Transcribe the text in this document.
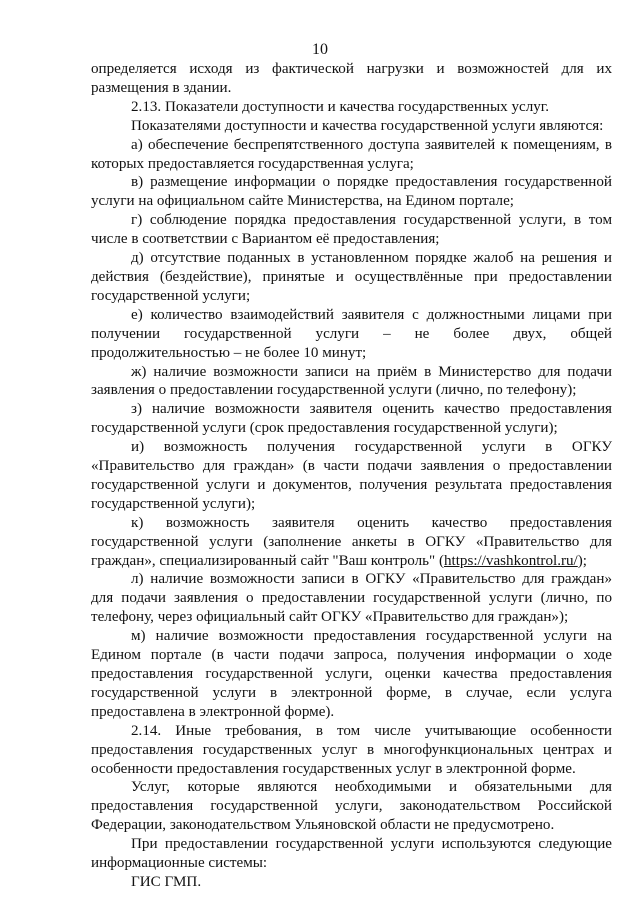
10

определяется исходя из фактической нагрузки и возможностей для их размещения в здании.

2.13. Показатели доступности и качества государственных услуг.

Показателями доступности и качества государственной услуги являются:

а) обеспечение беспрепятственного доступа заявителей к помещениям, в которых предоставляется государственная услуга;

в) размещение информации о порядке предоставления государственной услуги на официальном сайте Министерства, на Едином портале;

г) соблюдение порядка предоставления государственной услуги, в том числе в соответствии с Вариантом её предоставления;

д) отсутствие поданных в установленном порядке жалоб на решения и действия (бездействие), принятые и осуществлённые при предоставлении государственной услуги;

е) количество взаимодействий заявителя с должностными лицами при получении государственной услуги – не более двух, общей продолжительностью – не более 10 минут;

ж) наличие возможности записи на приём в Министерство для подачи заявления о предоставлении государственной услуги (лично, по телефону);

з) наличие возможности заявителя оценить качество предоставления государственной услуги (срок предоставления государственной услуги);

и) возможность получения государственной услуги в ОГКУ «Правительство для граждан» (в части подачи заявления о предоставлении государственной услуги и документов, получения результата предоставления государственной услуги);

к) возможность заявителя оценить качество предоставления государственной услуги (заполнение анкеты в ОГКУ «Правительство для граждан», специализированный сайт "Ваш контроль" (https://vashkontrol.ru/);

л) наличие возможности записи в ОГКУ «Правительство для граждан» для подачи заявления о предоставлении государственной услуги (лично, по телефону, через официальный сайт ОГКУ «Правительство для граждан»);

м) наличие возможности предоставления государственной услуги на Едином портале (в части подачи запроса, получения информации о ходе предоставления государственной услуги, оценки качества предоставления государственной услуги в электронной форме, в случае, если услуга предоставлена в электронной форме).

2.14. Иные требования, в том числе учитывающие особенности предоставления государственных услуг в многофункциональных центрах и особенности предоставления государственных услуг в электронной форме.

Услуг, которые являются необходимыми и обязательными для предоставления государственной услуги, законодательством Российской Федерации, законодательством Ульяновской области не предусмотрено.

При предоставлении государственной услуги используются следующие информационные системы:

ГИС ГМП.
